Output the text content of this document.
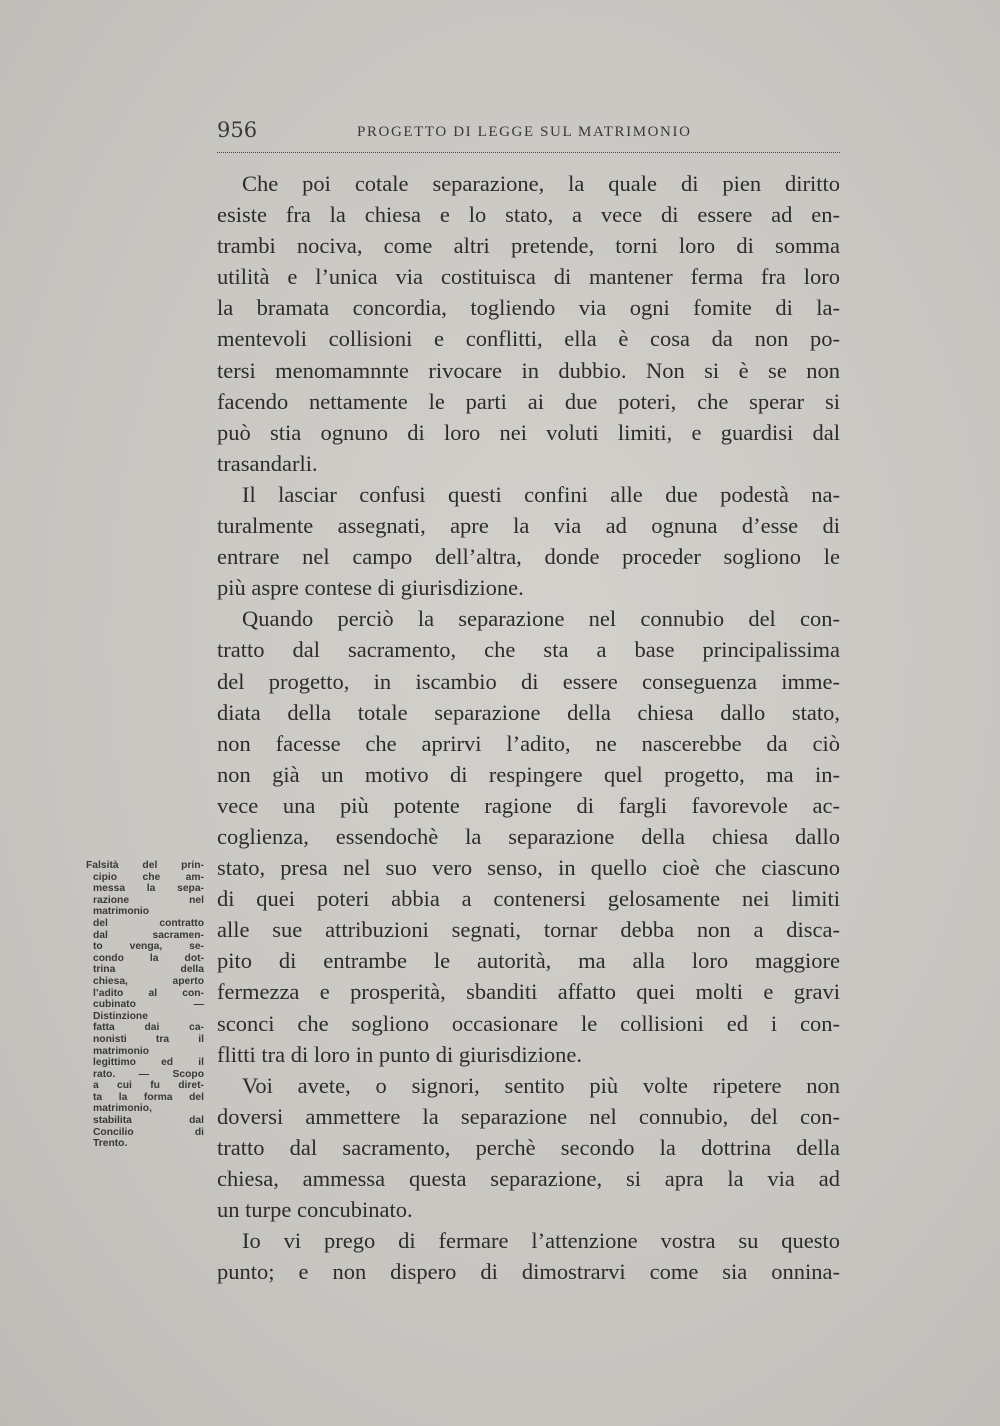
956	PROGETTO DI LEGGE SUL MATRIMONIO
Che poi cotale separazione, la quale di pien diritto
esiste fra la chiesa e lo stato, a vece di essere ad en-
trambi nociva, come altri pretende, torni loro di somma
utilità e l’unica via costituisca di mantener ferma fra loro
la bramata concordia, togliendo via ogni fomite di la-
mentevoli collisioni e conflitti, ella è cosa da non po-
tersi menomamnnte rivocare in dubbio. Non si è se non
facendo nettamente le parti ai due poteri, che sperar si
può stia ognuno di loro nei voluti limiti, e guardisi dal
trasandarli.
Il lasciar confusi questi confini alle due podestà na-
turalmente assegnati, apre la via ad ognuna d’esse di
entrare nel campo dell’altra, donde proceder sogliono le
più aspre contese di giurisdizione.
Quando perciò la separazione nel connubio del con-
tratto dal sacramento, che sta a base principalissima
del progetto, in iscambio di essere conseguenza imme-
diata della totale separazione della chiesa dallo stato,
non facesse che aprirvi l’adito, ne nascerebbe da ciò
non già un motivo di respingere quel progetto, ma in-
vece una più potente ragione di fargli favorevole ac-
coglienza, essendochè la separazione della chiesa dallo
stato, presa nel suo vero senso, in quello cioè che ciascuno
di quei poteri abbia a contenersi gelosamente nei limiti
alle sue attribuzioni segnati, tornar debba non a disca-
pito di entrambe le autorità, ma alla loro maggiore
fermezza e prosperità, sbanditi affatto quei molti e gravi
sconci che sogliono occasionare le collisioni ed i con-
flitti tra di loro in punto di giurisdizione.
Voi avete, o signori, sentito più volte ripetere non
doversi ammettere la separazione nel connubio, del con-
tratto dal sacramento, perchè secondo la dottrina della
chiesa, ammessa questa separazione, si apra la via ad
un turpe concubinato.
Io vi prego di fermare l’attenzione vostra su questo
punto; e non dispero di dimostrarvi come sia onnina-
Falsità del prin-
cipio che am-
messa la sepa-
razione nel
matrimonio
del contratto
dal sacramen-
to venga, se-
condo la dot-
trina della
chiesa, aperto
l’adito al con-
cubinato —
Distinzione
fatta dai ca-
nonisti tra il
matrimonio
legittimo ed il
rato. — Scopo
a cui fu diret-
ta la forma del
matrimonio,
stabilita dal
Concilio di
Trento.
